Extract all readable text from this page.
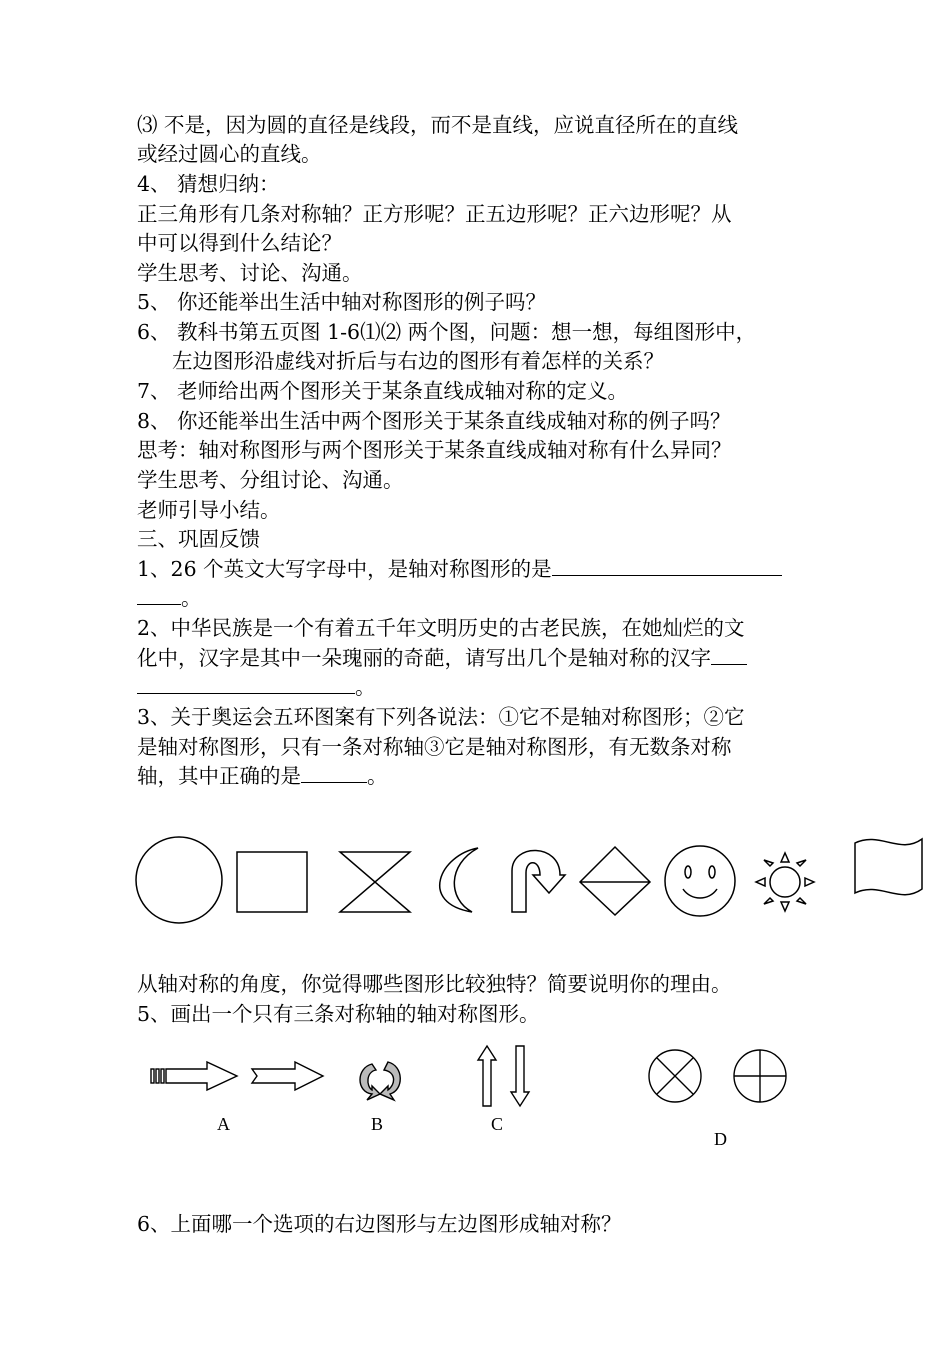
⑶ 不是，因为圆的直径是线段，而不是直线，应说直径所在的直线
或经过圆心的直线。
4、 猜想归纳：
正三角形有几条对称轴？正方形呢？正五边形呢？正六边形呢？从
中可以得到什么结论？
学生思考、讨论、沟通。
5、 你还能举出生活中轴对称图形的例子吗？
6、 教科书第五页图 1-6⑴⑵ 两个图，问题：想一想，每组图形中，
左边图形沿虚线对折后与右边的图形有着怎样的关系？
7、 老师给出两个图形关于某条直线成轴对称的定义。
8、 你还能举出生活中两个图形关于某条直线成轴对称的例子吗？
思考：轴对称图形与两个图形关于某条直线成轴对称有什么异同？
学生思考、分组讨论、沟通。
老师引导小结。
三、巩固反馈
1、26 个英文大写字母中，是轴对称图形的是
。
2、中华民族是一个有着五千年文明历史的古老民族，在她灿烂的文
化中，汉字是其中一朵瑰丽的奇葩，请写出几个是轴对称的汉字
。
3、关于奥运会五环图案有下列各说法：①它不是轴对称图形；②它
是轴对称图形，只有一条对称轴③它是轴对称图形，有无数条对称
轴，其中正确的是	。
从轴对称的角度，你觉得哪些图形比较独特？简要说明你的理由。
5、画出一个只有三条对称轴的轴对称图形。
A	B	C
D
6、上面哪一个选项的右边图形与左边图形成轴对称？
